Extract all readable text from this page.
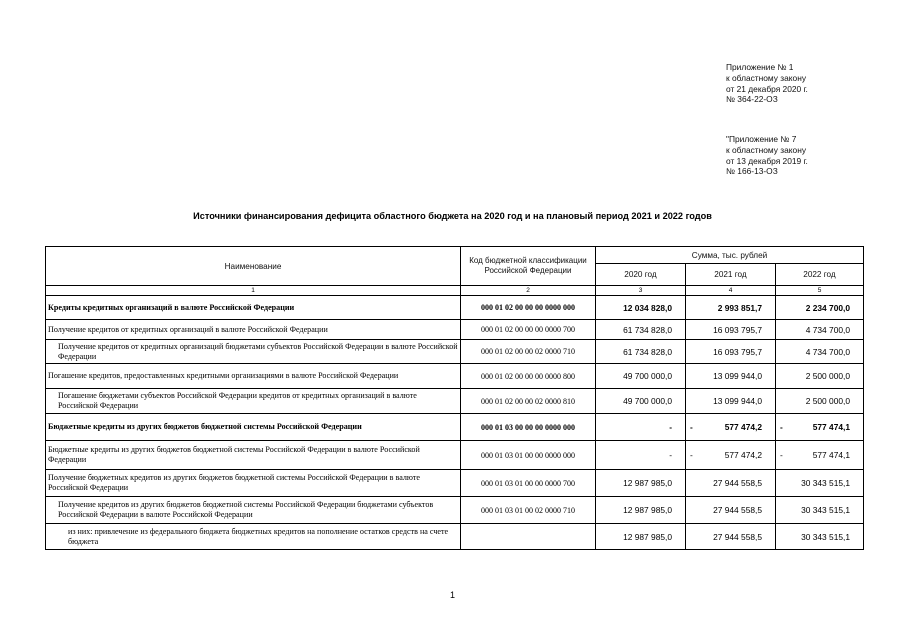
Приложение № 1
к областному закону
от 21 декабря 2020 г.
№ 364-22-ОЗ
"Приложение № 7
к областному закону
от 13 декабря 2019 г.
№ 166-13-ОЗ
Источники финансирования дефицита областного бюджета на 2020 год и на плановый период 2021 и 2022 годов
Наименование	Код бюджетной классификации Российской Федерации	Сумма, тыс. рублей		
		2020 год	2021 год	2022 год
1	2	3	4	5
Кредиты кредитных организаций в валюте Российской Федерации	000 01 02 00 00 00 0000 000	12 034 828,0	2 993 851,7	2 234 700,0
Получение кредитов от кредитных организаций в валюте Российской Федерации	000 01 02 00 00 00 0000 700	61 734 828,0	16 093 795,7	4 734 700,0
Получение кредитов от кредитных организаций бюджетами субъектов Российской Федерации в валюте Российской Федерации	000 01 02 00 00 02 0000 710	61 734 828,0	16 093 795,7	4 734 700,0
Погашение кредитов, предоставленных кредитными организациями в валюте Российской Федерации	000 01 02 00 00 00 0000 800	49 700 000,0	13 099 944,0	2 500 000,0
Погашение бюджетами субъектов Российской Федерации кредитов от кредитных организаций в валюте Российской Федерации	000 01 02 00 00 02 0000 810	49 700 000,0	13 099 944,0	2 500 000,0
Бюджетные кредиты из других бюджетов бюджетной системы Российской Федерации	000 01 03 00 00 00 0000 000	-	- 577 474,2	- 577 474,1
Бюджетные кредиты из других бюджетов бюджетной системы Российской Федерации в валюте Российской Федерации	000 01 03 01 00 00 0000 000	-	- 577 474,2	- 577 474,1
Получение бюджетных кредитов из других бюджетов бюджетной системы Российской Федерации в валюте Российской Федерации	000 01 03 01 00 00 0000 700	12 987 985,0	27 944 558,5	30 343 515,1
Получение кредитов из других бюджетов бюджетной системы Российской Федерации бюджетами субъектов Российской Федерации в валюте Российской Федерации	000 01 03 01 00 02 0000 710	12 987 985,0	27 944 558,5	30 343 515,1
из них: привлечение из федерального бюджета бюджетных кредитов на пополнение остатков средств на счете бюджета		12 987 985,0	27 944 558,5	30 343 515,1
1
